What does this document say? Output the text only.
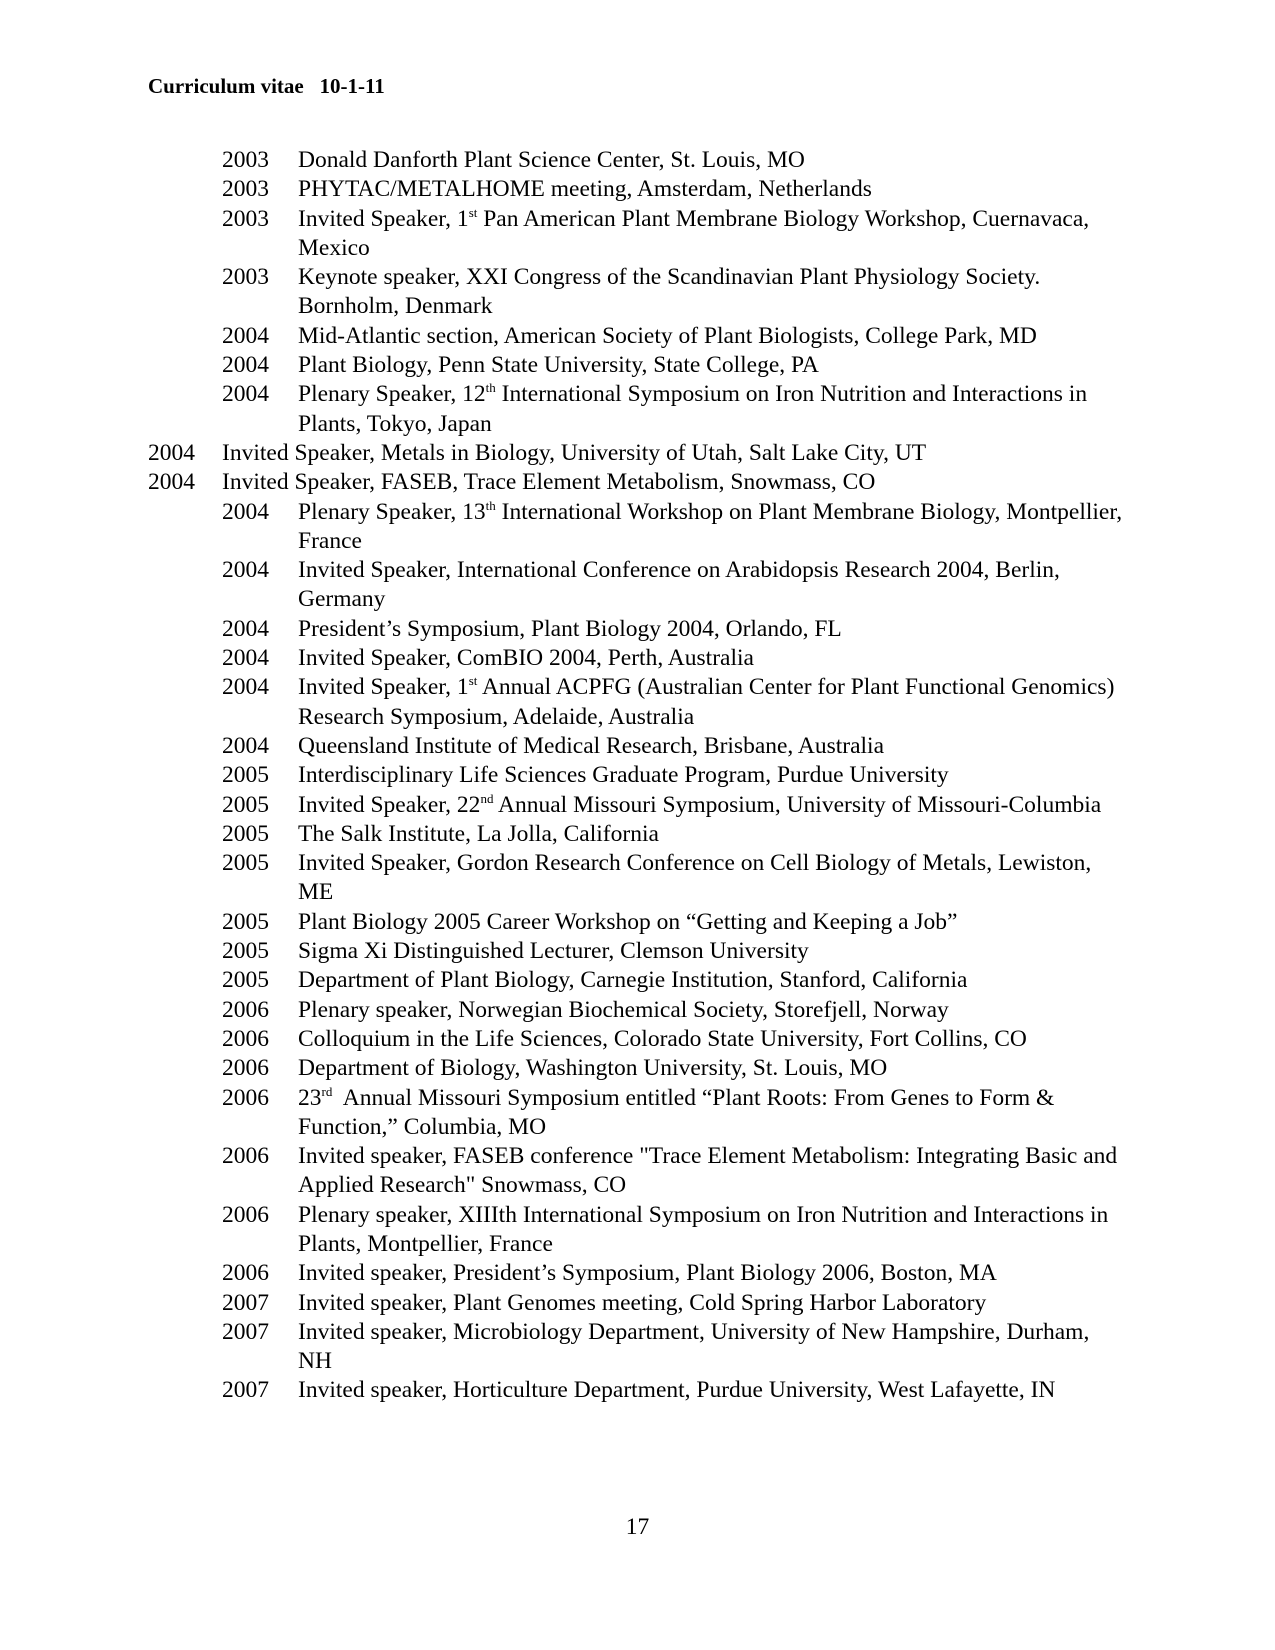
Curriculum vitae   10-1-11
2003 Donald Danforth Plant Science Center, St. Louis, MO
2003 PHYTAC/METALHOME meeting, Amsterdam, Netherlands
2003 Invited Speaker, 1st Pan American Plant Membrane Biology Workshop, Cuernavaca, Mexico
2003 Keynote speaker, XXI Congress of the Scandinavian Plant Physiology Society. Bornholm, Denmark
2004 Mid-Atlantic section, American Society of Plant Biologists, College Park, MD
2004 Plant Biology, Penn State University, State College, PA
2004 Plenary Speaker, 12th International Symposium on Iron Nutrition and Interactions in Plants, Tokyo, Japan
2004 Invited Speaker, Metals in Biology, University of Utah, Salt Lake City, UT
2004 Invited Speaker, FASEB, Trace Element Metabolism, Snowmass, CO
2004 Plenary Speaker, 13th International Workshop on Plant Membrane Biology, Montpellier, France
2004 Invited Speaker, International Conference on Arabidopsis Research 2004, Berlin, Germany
2004 President’s Symposium, Plant Biology 2004, Orlando, FL
2004 Invited Speaker, ComBIO 2004, Perth, Australia
2004 Invited Speaker, 1st Annual ACPFG (Australian Center for Plant Functional Genomics) Research Symposium, Adelaide, Australia
2004 Queensland Institute of Medical Research, Brisbane, Australia
2005 Interdisciplinary Life Sciences Graduate Program, Purdue University
2005 Invited Speaker, 22nd Annual Missouri Symposium, University of Missouri-Columbia
2005 The Salk Institute, La Jolla, California
2005 Invited Speaker, Gordon Research Conference on Cell Biology of Metals, Lewiston, ME
2005 Plant Biology 2005 Career Workshop on “Getting and Keeping a Job”
2005 Sigma Xi Distinguished Lecturer, Clemson University
2005 Department of Plant Biology, Carnegie Institution, Stanford, California
2006 Plenary speaker, Norwegian Biochemical Society, Storefjell, Norway
2006 Colloquium in the Life Sciences, Colorado State University, Fort Collins, CO
2006 Department of Biology, Washington University, St. Louis, MO
2006 23rd  Annual Missouri Symposium entitled “Plant Roots: From Genes to Form & Function,” Columbia, MO
2006 Invited speaker, FASEB conference "Trace Element Metabolism: Integrating Basic and Applied Research" Snowmass, CO
2006 Plenary speaker, XIIIth International Symposium on Iron Nutrition and Interactions in Plants, Montpellier, France
2006 Invited speaker, President’s Symposium, Plant Biology 2006, Boston, MA
2007 Invited speaker, Plant Genomes meeting, Cold Spring Harbor Laboratory
2007 Invited speaker, Microbiology Department, University of New Hampshire, Durham, NH
2007 Invited speaker, Horticulture Department, Purdue University, West Lafayette, IN
17
